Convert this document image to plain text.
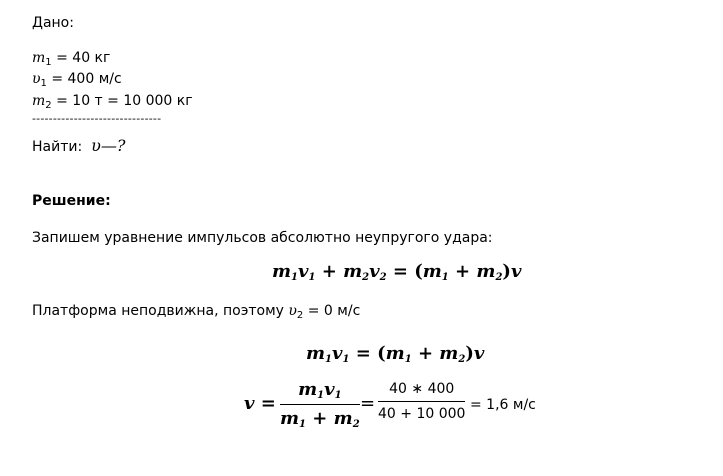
Дано:
$m_1 = 40$ кг
$\upsilon_1 = 400$ м/с
$m_2 = 10$ т = 10 000 кг
-------------------------------
Найти: υ—?
Решение:
Запишем уравнение импульсов абсолютно неупругого удара:
$m_1v_1 + m_2v_2 = (m_1 + m_2)v$
Платформа неподвижна, поэтому $\upsilon_2 = 0$ м/с
$m_1v_1 = (m_1 + m_2)v$
v =
$m_1v_1$
$m_1 + m_2$
=
40 ∗ 400
40 + 10 000
= 1,6 м/с
